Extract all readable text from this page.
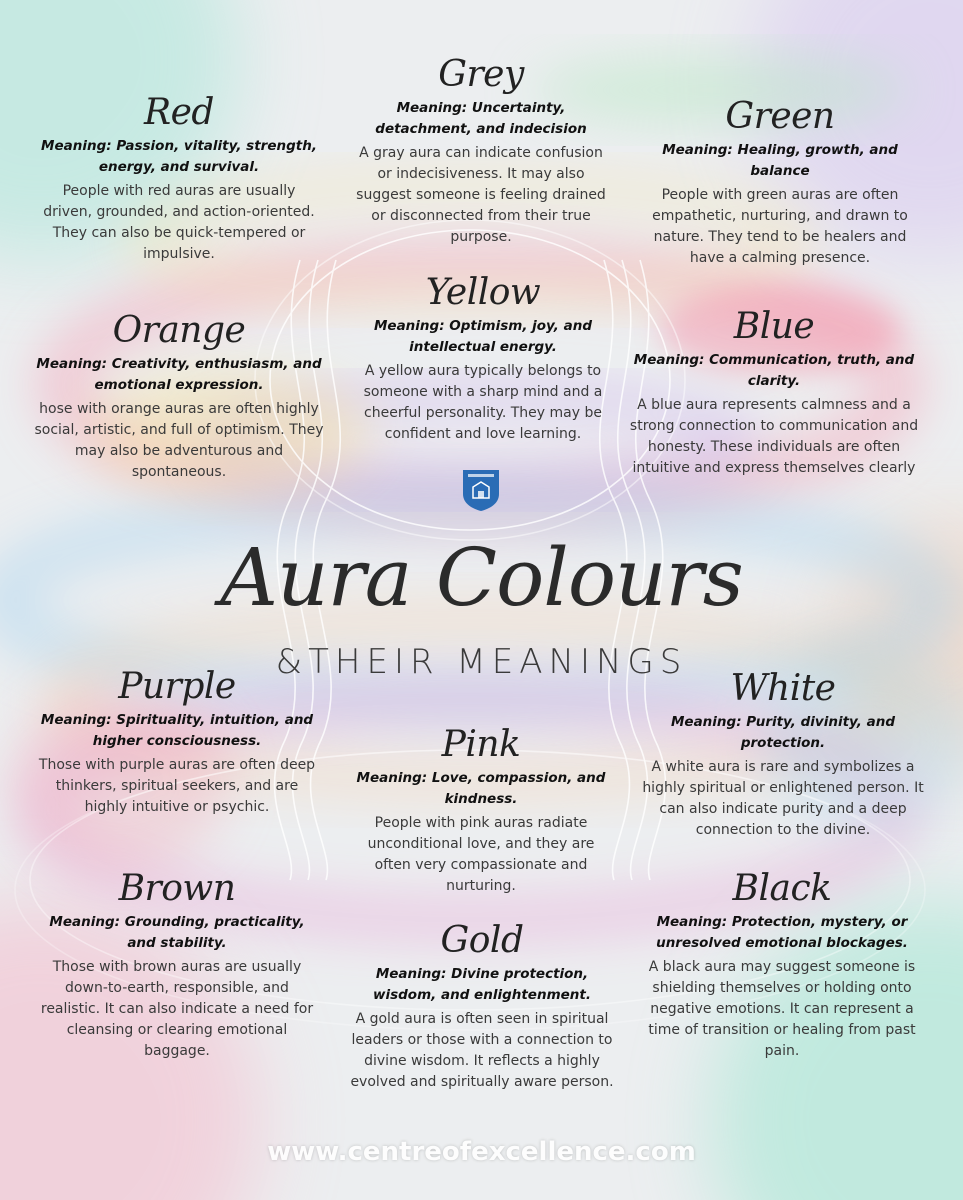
Red
Meaning: Passion, vitality, strength, energy, and survival.
People with red auras are usually driven, grounded, and action-oriented. They can also be quick-tempered or impulsive.
Grey
Meaning: Uncertainty, detachment, and indecision
A gray aura can indicate confusion or indecisiveness. It may also suggest someone is feeling drained or disconnected from their true purpose.
Green
Meaning: Healing, growth, and balance
People with green auras are often empathetic, nurturing, and drawn to nature. They tend to be healers and have a calming presence.
Yellow
Meaning: Optimism, joy, and intellectual energy.
A yellow aura typically belongs to someone with a sharp mind and a cheerful personality. They may be confident and love learning.
Orange
Meaning: Creativity, enthusiasm, and emotional expression.
hose with orange auras are often highly social, artistic, and full of optimism. They may also be adventurous and spontaneous.
Blue
Meaning: Communication, truth, and clarity.
A blue aura represents calmness and a strong connection to communication and honesty. These individuals are often intuitive and express themselves clearly
Aura Colours
&THEIR MEANINGS
Purple
Meaning: Spirituality, intuition, and higher consciousness.
Those with purple auras are often deep thinkers, spiritual seekers, and are highly intuitive or psychic.
Pink
Meaning: Love, compassion, and kindness.
People with pink auras radiate unconditional love, and they are often very compassionate and nurturing.
White
Meaning: Purity, divinity, and protection.
A white aura is rare and symbolizes a highly spiritual or enlightened person. It can also indicate purity and a deep connection to the divine.
Brown
Meaning: Grounding, practicality, and stability.
Those with brown auras are usually down-to-earth, responsible, and realistic. It can also indicate a need for cleansing or clearing emotional baggage.
Gold
Meaning: Divine protection, wisdom, and enlightenment.
A gold aura is often seen in spiritual leaders or those with a connection to divine wisdom. It reflects a highly evolved and spiritually aware person.
Black
Meaning: Protection, mystery, or unresolved emotional blockages.
A black aura may suggest someone is shielding themselves or holding onto negative emotions. It can represent a time of transition or healing from past pain.
www.centreofexcellence.com
